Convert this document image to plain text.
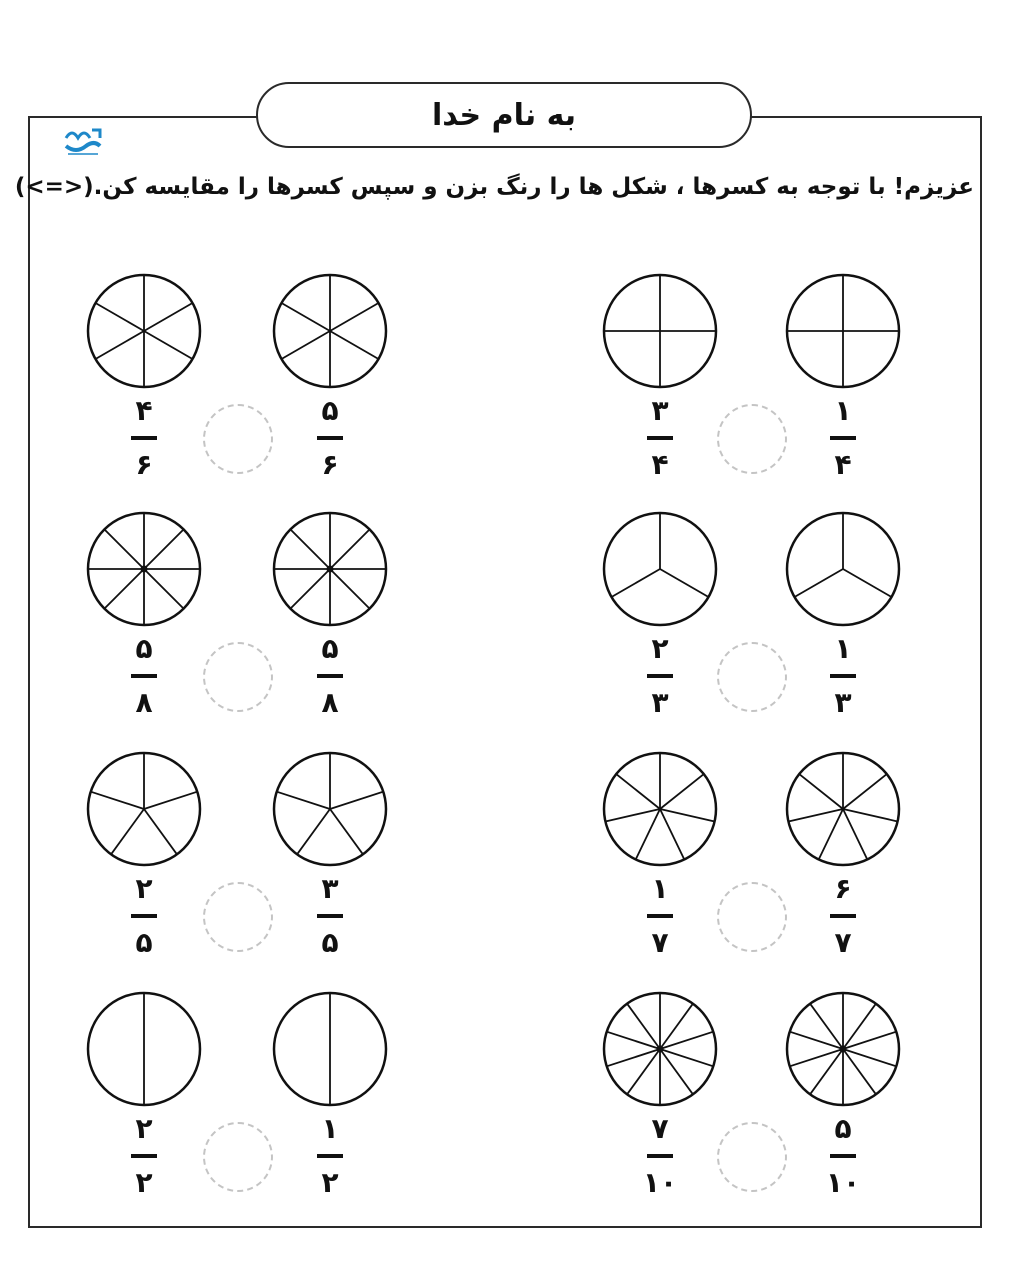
به نام خدا
عزیزم! با توجه به کسرها ، شکل ها را رنگ بزن و سپس کسرها را مقایسه کن.(<=>)
۳
۴
۱
۴
۲
۳
۱
۳
۱
۷
۶
۷
۷
۱۰
۵
۱۰
۴
۶
۵
۶
۵
۸
۵
۸
۲
۵
۳
۵
۲
۲
۱
۲
